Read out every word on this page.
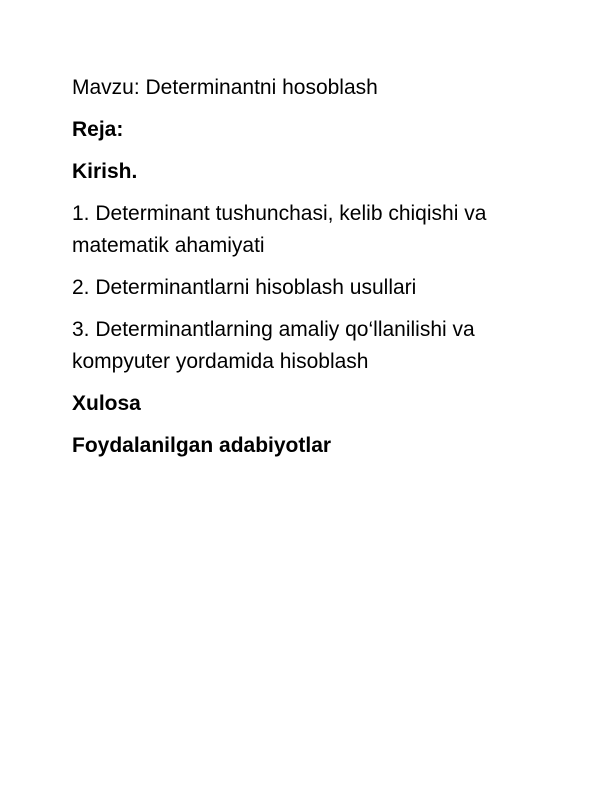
Mavzu: Determinantni hosoblash

Reja:

Kirish.

1. Determinant tushunchasi, kelib chiqishi va
matematik ahamiyati

2. Determinantlarni hisoblash usullari

3. Determinantlarning amaliy qo‘llanilishi va
kompyuter yordamida hisoblash

Xulosa

Foydalanilgan adabiyotlar
